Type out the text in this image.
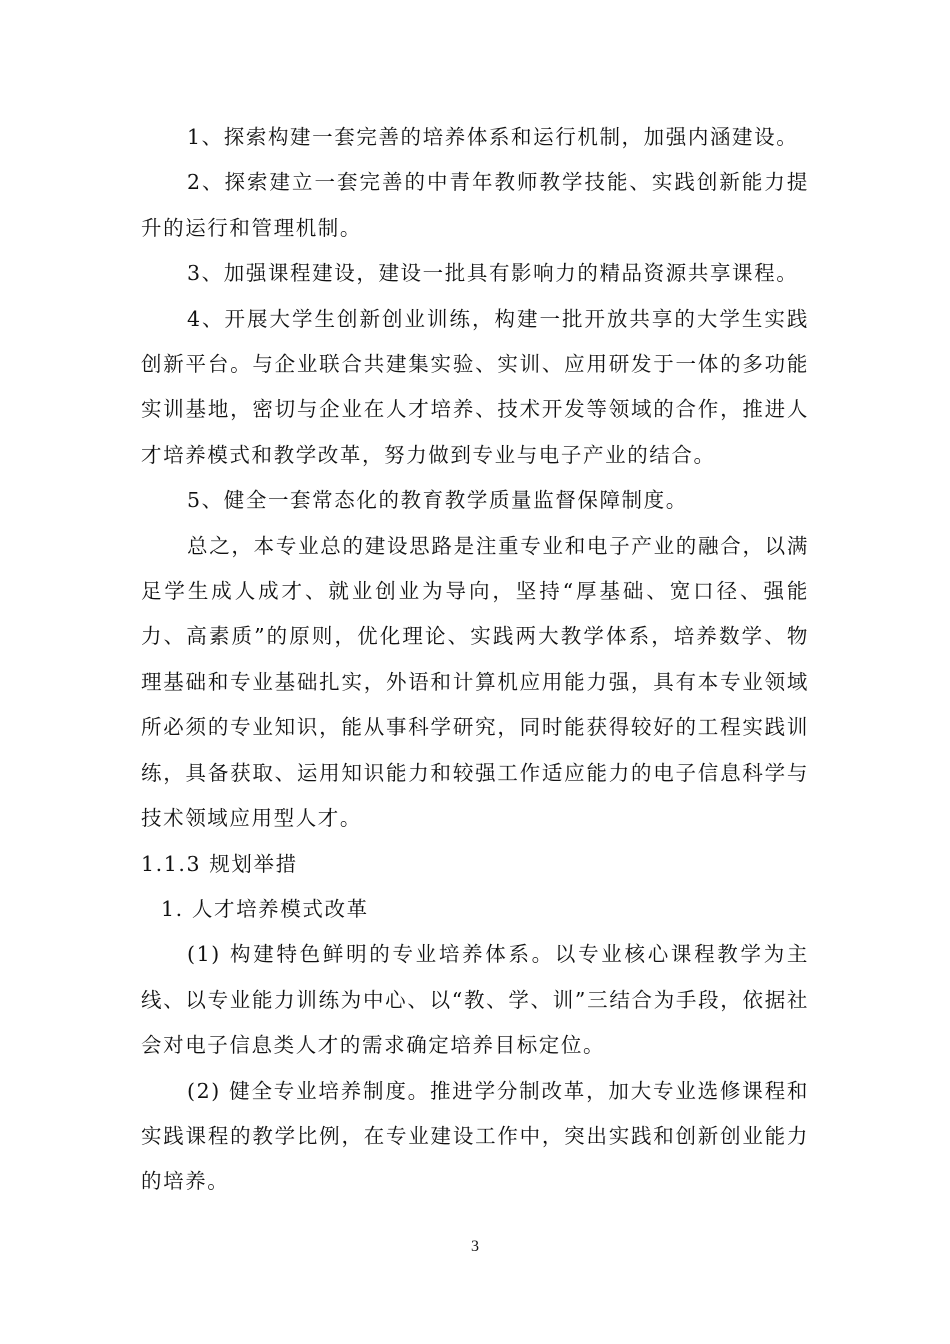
1、探索构建一套完善的培养体系和运行机制，加强内涵建设。

2、探索建立一套完善的中青年教师教学技能、实践创新能力提升的运行和管理机制。

3、加强课程建设，建设一批具有影响力的精品资源共享课程。

4、开展大学生创新创业训练，构建一批开放共享的大学生实践创新平台。与企业联合共建集实验、实训、应用研发于一体的多功能实训基地，密切与企业在人才培养、技术开发等领域的合作，推进人才培养模式和教学改革，努力做到专业与电子产业的结合。

5、健全一套常态化的教育教学质量监督保障制度。

总之，本专业总的建设思路是注重专业和电子产业的融合，以满足学生成人成才、就业创业为导向，坚持“厚基础、宽口径、强能力、高素质”的原则，优化理论、实践两大教学体系，培养数学、物理基础和专业基础扎实，外语和计算机应用能力强，具有本专业领域所必须的专业知识，能从事科学研究，同时能获得较好的工程实践训练，具备获取、运用知识能力和较强工作适应能力的电子信息科学与技术领域应用型人才。

1.1.3 规划举措

1. 人才培养模式改革

(1) 构建特色鲜明的专业培养体系。以专业核心课程教学为主线、以专业能力训练为中心、以“教、学、训”三结合为手段，依据社会对电子信息类人才的需求确定培养目标定位。

(2) 健全专业培养制度。推进学分制改革，加大专业选修课程和实践课程的教学比例，在专业建设工作中，突出实践和创新创业能力的培养。

3
